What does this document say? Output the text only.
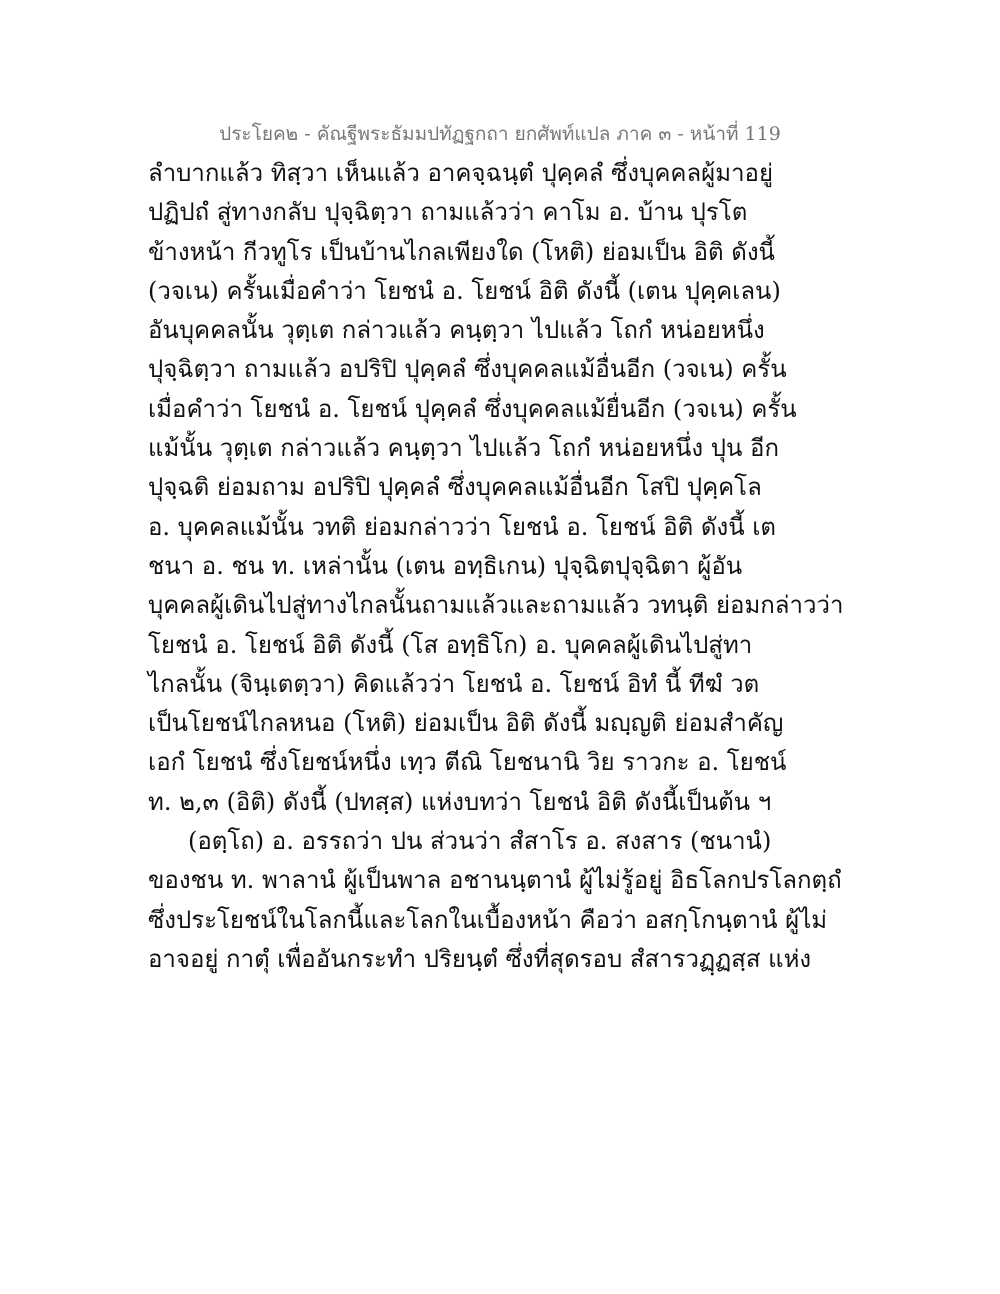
ประโยค๒ - คัณฐีพระธัมมปทัฏฐกถา ยกศัพท์แปล ภาค ๓ - หน้าที่ 119
ลำบากแล้ว ทิสฺวา เห็นแล้ว อาคจฺฉนฺตํ ปุคฺคลํ ซึ่งบุคคลผู้มาอยู่
ปฏิปถํ สู่ทางกลับ ปุจฺฉิตฺวา ถามแล้วว่า คาโม อ. บ้าน ปุรโต
ข้างหน้า กีวทูโร เป็นบ้านไกลเพียงใด (โหติ) ย่อมเป็น อิติ ดังนี้
(วจเน) ครั้นเมื่อคำว่า โยชนํ อ. โยชน์ อิติ ดังนี้ (เตน ปุคฺคเลน)
อันบุคคลนั้น วุตฺเต กล่าวแล้ว คนฺตฺวา ไปแล้ว โถกํ หน่อยหนึ่ง
ปุจฺฉิตฺวา ถามแล้ว อปริปิ ปุคฺคลํ ซึ่งบุคคลแม้อื่นอีก (วจเน) ครั้น
เมื่อคำว่า โยชนํ อ. โยชน์ ปุคฺคลํ ซึ่งบุคคลแม้ยื่นอีก (วจเน) ครั้น
แม้นั้น วุตฺเต กล่าวแล้ว คนฺตฺวา ไปแล้ว โถกํ หน่อยหนึ่ง ปุน อีก
ปุจฺฉติ ย่อมถาม อปริปิ ปุคฺคลํ ซึ่งบุคคลแม้อื่นอีก โสปิ ปุคฺคโล
อ. บุคคลแม้นั้น วทติ ย่อมกล่าวว่า โยชนํ อ. โยชน์ อิติ ดังนี้ เต
ชนา อ. ชน ท. เหล่านั้น (เตน อทฺธิเกน) ปุจฺฉิตปุจฺฉิตา ผู้อัน
บุคคลผู้เดินไปสู่ทางไกลนั้นถามแล้วและถามแล้ว วทนฺติ ย่อมกล่าวว่า
โยชนํ อ. โยชน์ อิติ ดังนี้ (โส อทฺธิโก) อ. บุคคลผู้เดินไปสู่ทา
ไกลนั้น (จินฺเตตฺวา) คิดแล้วว่า โยชนํ อ. โยชน์ อิทํ นี้ ทีฆํ วต
เป็นโยชน์ไกลหนอ (โหติ) ย่อมเป็น อิติ ดังนี้ มญฺญติ ย่อมสำคัญ
เอกํ โยชนํ ซึ่งโยชน์หนึ่ง เทฺว ตีณิ โยชนานิ วิย ราวกะ อ. โยชน์
ท. ๒,๓ (อิติ) ดังนี้ (ปทสฺส) แห่งบทว่า โยชนํ อิติ ดังนี้เป็นต้น ฯ
(อตฺโถ) อ. อรรถว่า ปน ส่วนว่า สํสาโร อ. สงสาร (ชนานํ)
ของชน ท. พาลานํ ผู้เป็นพาล อชานนฺตานํ ผู้ไม่รู้อยู่ อิธโลกปรโลกตฺถํ
ซึ่งประโยชน์ในโลกนี้และโลกในเบื้องหน้า คือว่า อสกฺโกนฺตานํ ผู้ไม่
อาจอยู่ กาตุํ เพื่ออันกระทำ ปริยนฺตํ ซึ่งที่สุดรอบ สํสารวฏฺฏสฺส แห่ง
